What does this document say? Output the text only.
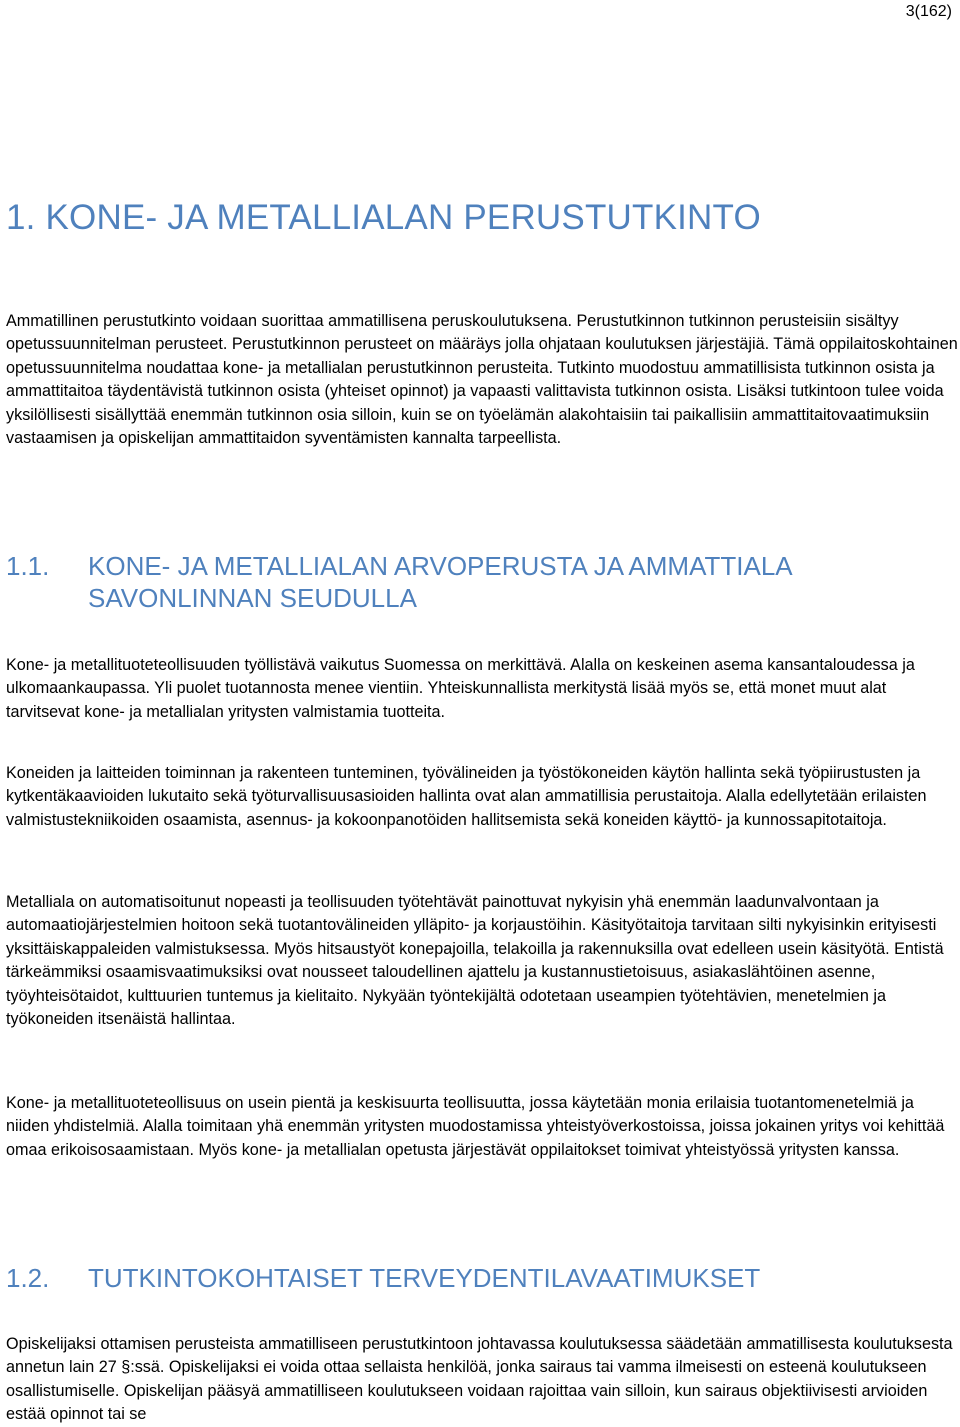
3(162)
1. KONE- JA METALLIALAN PERUSTUTKINTO

Ammatillinen perustutkinto voidaan suorittaa ammatillisena peruskoulutuksena. Perustutkinnon tutkinnon perusteisiin sisältyy opetussuunnitelman perusteet. Perustutkinnon perusteet on määräys jolla ohjataan koulutuksen järjestäjiä. Tämä oppilaitoskohtainen opetussuunnitelma noudattaa kone- ja metallialan perustutkinnon perusteita. Tutkinto muodostuu ammatillisista tutkinnon osista ja ammattitaitoa täydentävistä tutkinnon osista (yhteiset opinnot) ja vapaasti valittavista tutkinnon osista. Lisäksi tutkintoon tulee voida yksilöllisesti sisällyttää enemmän tutkinnon osia silloin, kuin se on työelämän alakohtaisiin tai paikallisiin ammattitaitovaatimuksiin vastaamisen ja opiskelijan ammattitaidon syventämisten kannalta tarpeellista.

1.1. KONE- JA METALLIALAN ARVOPERUSTA JA AMMATTIALA
SAVONLINNAN SEUDULLA

Kone- ja metallituoteteollisuuden työllistävä vaikutus Suomessa on merkittävä. Alalla on keskeinen asema kansantaloudessa ja ulkomaankaupassa. Yli puolet tuotannosta menee vientiin. Yhteiskunnallista merkitystä lisää myös se, että monet muut alat tarvitsevat kone- ja metallialan yritysten valmistamia tuotteita.

Koneiden ja laitteiden toiminnan ja rakenteen tunteminen, työvälineiden ja työstökoneiden käytön hallinta sekä työpiirustusten ja kytkentäkaavioiden lukutaito sekä työturvallisuusasioiden hallinta ovat alan ammatillisia perustaitoja. Alalla edellytetään erilaisten valmistustekniikoiden osaamista, asennus- ja kokoonpanotöiden hallitsemista sekä koneiden käyttö- ja kunnossapitotaitoja.

Metalliala on automatisoitunut nopeasti ja teollisuuden työtehtävät painottuvat nykyisin yhä enemmän laadunvalvontaan ja automaatiojärjestelmien hoitoon sekä tuotantovälineiden ylläpito- ja korjaustöihin. Käsityötaitoja tarvitaan silti nykyisinkin erityisesti yksittäiskappaleiden valmistuksessa. Myös hitsaustyöt konepajoilla, telakoilla ja rakennuksilla ovat edelleen usein käsityötä. Entistä tärkeämmiksi osaamisvaatimuksiksi ovat nousseet taloudellinen ajattelu ja kustannustietoisuus, asiakaslähtöinen asenne, työyhteisötaidot, kulttuurien tuntemus ja kielitaito. Nykyään työntekijältä odotetaan useampien työtehtävien, menetelmien ja työkoneiden itsenäistä hallintaa.

Kone- ja metallituoteteollisuus on usein pientä ja keskisuurta teollisuutta, jossa käytetään monia erilaisia tuotantomenetelmiä ja niiden yhdistelmiä. Alalla toimitaan yhä enemmän yritysten muodostamissa yhteistyöverkostoissa, joissa jokainen yritys voi kehittää omaa erikoisosaamistaan. Myös kone- ja metallialan opetusta järjestävät oppilaitokset toimivat yhteistyössä yritysten kanssa.

1.2. TUTKINTOKOHTAISET TERVEYDENTILAVAATIMUKSET

Opiskelijaksi ottamisen perusteista ammatilliseen perustutkintoon johtavassa koulutuksessa säädetään ammatillisesta koulutuksesta annetun lain 27 §:ssä. Opiskelijaksi ei voida ottaa sellaista henkilöä, jonka sairaus tai vamma ilmeisesti on esteenä koulutukseen osallistumiselle. Opiskelijan pääsyä ammatilliseen koulutukseen voidaan rajoittaa vain silloin, kun sairaus objektiivisesti arvioiden estää opinnot tai se
